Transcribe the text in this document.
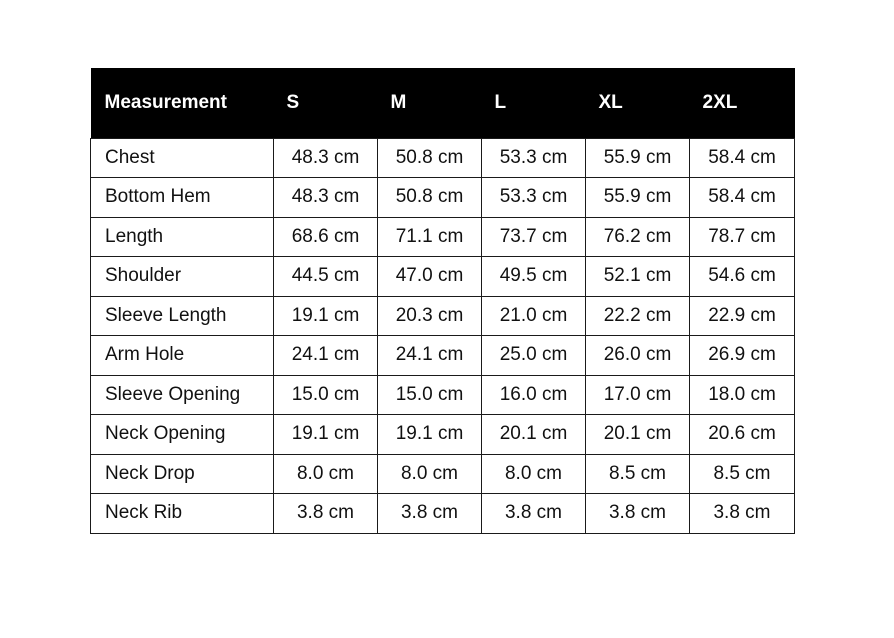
Measurement	S	M	L	XL	2XL
Chest	48.3 cm	50.8 cm	53.3 cm	55.9 cm	58.4 cm
Bottom Hem	48.3 cm	50.8 cm	53.3 cm	55.9 cm	58.4 cm
Length	68.6 cm	71.1 cm	73.7 cm	76.2 cm	78.7 cm
Shoulder	44.5 cm	47.0 cm	49.5 cm	52.1 cm	54.6 cm
Sleeve Length	19.1 cm	20.3 cm	21.0 cm	22.2 cm	22.9 cm
Arm Hole	24.1 cm	24.1 cm	25.0 cm	26.0 cm	26.9 cm
Sleeve Opening	15.0 cm	15.0 cm	16.0 cm	17.0 cm	18.0 cm
Neck Opening	19.1 cm	19.1 cm	20.1 cm	20.1 cm	20.6 cm
Neck Drop	8.0 cm	8.0 cm	8.0 cm	8.5 cm	8.5 cm
Neck Rib	3.8 cm	3.8 cm	3.8 cm	3.8 cm	3.8 cm
